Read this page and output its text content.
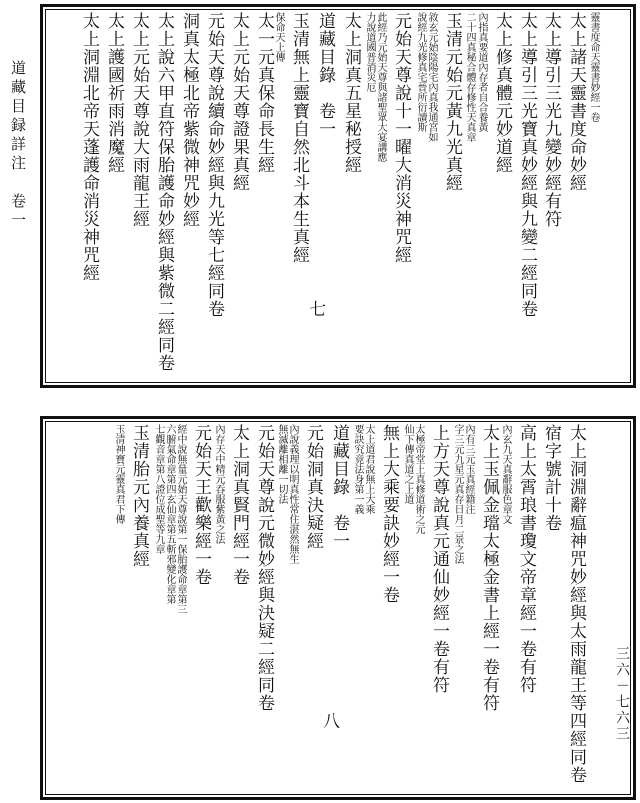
道藏目録詳注　卷一
三六－七六三
太上諸天靈書度命妙經 靈書度命天靈書妙經一卷
太上導引三光九變妙經有符
太上導引三光寶真妙經與九變二經同卷
太上修真體元妙道經
內指真要道內存者自合養黃
二十四真秘合體存修性天真章
玉清元始元黃九光真經
敘玄元始陰陽宅內真我通宮如
說經九光修真宅晉所衍讀斯
元始天尊說十一曜大消災神咒經
此經乃元始天尊與諸聖眾大宴講應
力說道國普消災厄
太上洞真五星秘授經
道藏目錄　卷一
七
玉清無上靈寶自然北斗本生真經
保命天上傳
太一元真保命長生經
太上元始天尊證果真經
元始天尊說續命妙經與九光等七經同卷
洞真太極北帝紫微神咒妙經
太上說六甲直符保胎護命妙經與紫微二經同卷
太上元始天尊說大雨龍王經
太上護國祈雨消魔經
太上洞淵北帝天蓬護命消災神咒經
太上洞淵辭瘟神咒妙經與太雨龍王等四經同卷
宿字號計十卷
高上太霄琅書瓊文帝章經一卷有符
內玄九天真辭服色章文
太上玉佩金璫太極金書上經一卷有符
內有三元玉真經籍注
字三元九星元真存日月二景之法
上方天尊說真元通仙妙經一卷有符
太極帝堂上真修道術之元
仙下傳真道之上道
無上大乘要訣妙經一卷
太上道君說無上大乘
要訣究竟法身第一義
道藏目錄　卷一
八
元始洞真決疑經
內說義理以明真性常住湛然無生
無滅離相離一切法
元始天尊說元微妙經與決疑二經同卷
太上洞真賢門經一卷
內存天中精元吞服紫黃之法
元始天王歡樂經一卷
經中說無量元始天尊說第一保胎護命章第三
六腑氣命章第四玄仙章第五斬邪變化章第
七觀音章第八證位成聖等九章
玉清胎元內養真經
玉清神寶元靈真君下傳
